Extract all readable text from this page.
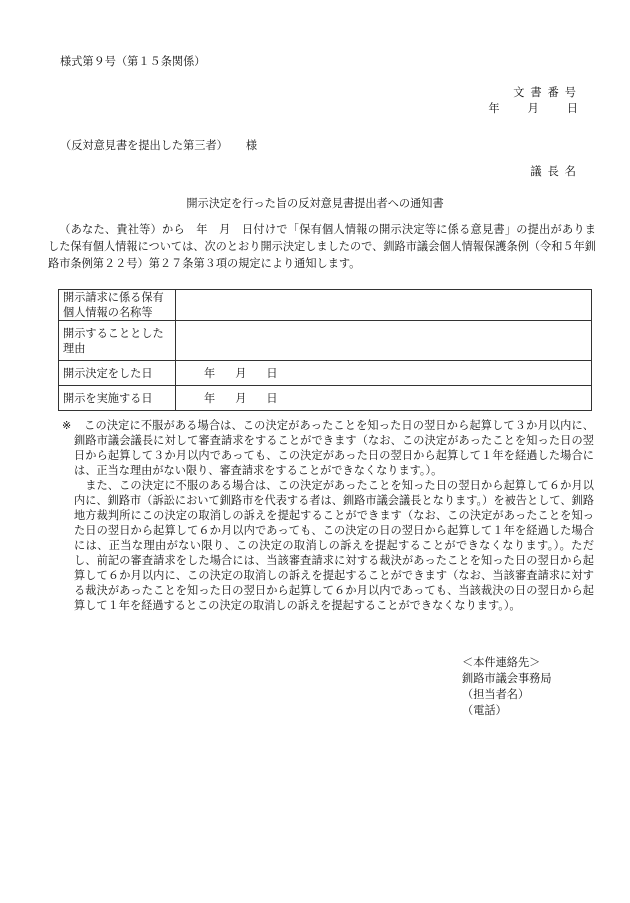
様式第９号（第１５条関係）
文書番号
年 月 日
（反対意見書を提出した第三者） 様
議長名
開示決定を行った旨の反対意見書提出者への通知書

（あなた、貴社等）から　年　月　日付けで「保有個人情報の開示決定等に係る意見書」の提出がありました保有個人情報については、次のとおり開示決定しましたので、釧路市議会個人情報保護条例（令和５年釧路市条例第２２号）第２７条第３項の規定により通知します。

開示請求に係る保有個人情報の名称等	
開示することとした理由	
開示決定をした日	年 月 日
開示を実施する日	年 月 日

※ この決定に不服がある場合は、この決定があったことを知った日の翌日から起算して３か月以内に、釧路市議会議長に対して審査請求をすることができます（なお、この決定があったことを知った日の翌日から起算して３か月以内であっても、この決定があった日の翌日から起算して１年を経過した場合には、正当な理由がない限り、審査請求をすることができなくなります。）。

また、この決定に不服のある場合は、この決定があったことを知った日の翌日から起算して６か月以内に、釧路市（訴訟において釧路市を代表する者は、釧路市議会議長となります。）を被告として、釧路地方裁判所にこの決定の取消しの訴えを提起することができます（なお、この決定があったことを知った日の翌日から起算して６か月以内であっても、この決定の日の翌日から起算して１年を経過した場合には、正当な理由がない限り、この決定の取消しの訴えを提起することができなくなります。）。ただし、前記の審査請求をした場合には、当該審査請求に対する裁決があったことを知った日の翌日から起算して６か月以内に、この決定の取消しの訴えを提起することができます（なお、当該審査請求に対する裁決があったことを知った日の翌日から起算して６か月以内であっても、当該裁決の日の翌日から起算して１年を経過するとこの決定の取消しの訴えを提起することができなくなります。）。

＜本件連絡先＞
釧路市議会事務局
（担当者名）
（電話）
